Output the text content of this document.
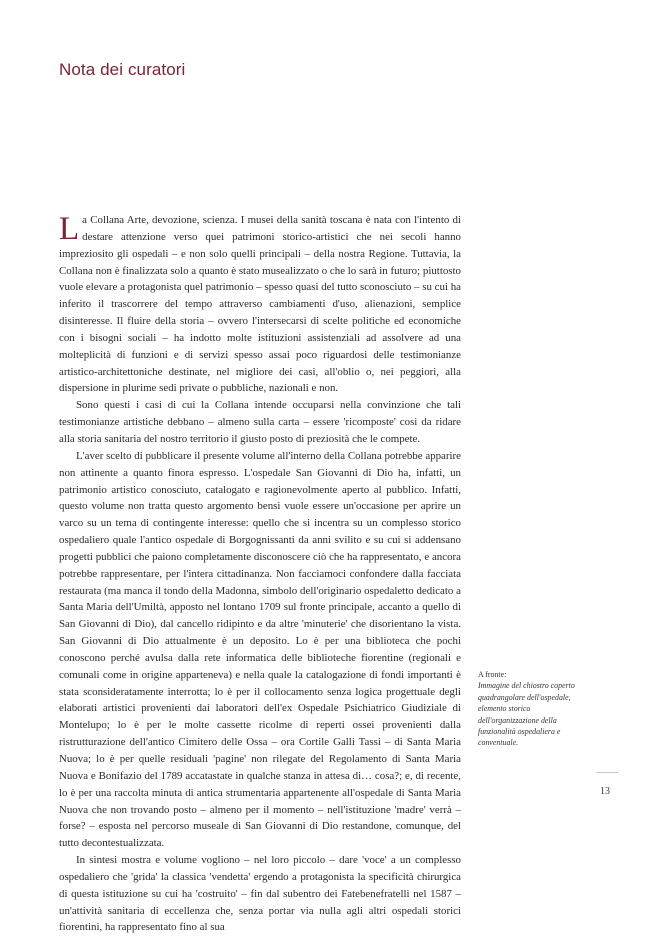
Nota dei curatori

La Collana Arte, devozione, scienza. I musei della sanità toscana è nata con l'intento di destare attenzione verso quei patrimoni storico-artistici che nei secoli hanno impreziosito gli ospedali – e non solo quelli principali – della nostra Regione. Tuttavia, la Collana non è finalizzata solo a quanto è stato musealizzato o che lo sarà in futuro; piuttosto vuole elevare a protagonista quel patrimonio – spesso quasi del tutto sconosciuto – su cui ha inferito il trascorrere del tempo attraverso cambiamenti d'uso, alienazioni, semplice disinteresse. Il fluire della storia – ovvero l'intersecarsi di scelte politiche ed economiche con i bisogni sociali – ha indotto molte istituzioni assistenziali ad assolvere ad una molteplicità di funzioni e di servizi spesso assai poco riguardosi delle testimonianze artistico-architettoniche destinate, nel migliore dei casi, all'oblio o, nei peggiori, alla dispersione in plurime sedi private o pubbliche, nazionali e non.

Sono questi i casi di cui la Collana intende occuparsi nella convinzione che tali testimonianze artistiche debbano – almeno sulla carta – essere 'ricomposte' così da ridare alla storia sanitaria del nostro territorio il giusto posto di preziosità che le compete.

L'aver scelto di pubblicare il presente volume all'interno della Collana potrebbe apparire non attinente a quanto finora espresso. L'ospedale San Giovanni di Dio ha, infatti, un patrimonio artistico conosciuto, catalogato e ragionevolmente aperto al pubblico. Infatti, questo volume non tratta questo argomento bensì vuole essere un'occasione per aprire un varco su un tema di contingente interesse: quello che si incentra su un complesso storico ospedaliero quale l'antico ospedale di Borgognissanti da anni svilito e su cui si addensano progetti pubblici che paiono completamente disconoscere ciò che ha rappresentato, e ancora potrebbe rappresentare, per l'intera cittadinanza. Non facciamoci confondere dalla facciata restaurata (ma manca il tondo della Madonna, simbolo dell'originario ospedaletto dedicato a Santa Maria dell'Umiltà, apposto nel lontano 1709 sul fronte principale, accanto a quello di San Giovanni di Dio), dal cancello ridipinto e da altre 'minuterie' che disorientano la vista. San Giovanni di Dio attualmente è un deposito. Lo è per una biblioteca che pochi conoscono perché avulsa dalla rete informatica delle biblioteche fiorentine (regionali e comunali come in origine apparteneva) e nella quale la catalogazione di fondi importanti è stata sconsideratamente interrotta; lo è per il collocamento senza logica progettuale degli elaborati artistici provenienti dai laboratori dell'ex Ospedale Psichiatrico Giudiziale di Montelupo; lo è per le molte cassette ricolme di reperti ossei provenienti dalla ristrutturazione dell'antico Cimitero delle Ossa – ora Cortile Galli Tassi – di Santa Maria Nuova; lo è per quelle residuali 'pagine' non rilegate del Regolamento di Santa Maria Nuova e Bonifazio del 1789 accatastate in qualche stanza in attesa di… cosa?; e, di recente, lo è per una raccolta minuta di antica strumentaria appartenente all'ospedale di Santa Maria Nuova che non trovando posto – almeno per il momento – nell'istituzione 'madre' verrà – forse? – esposta nel percorso museale di San Giovanni di Dio restandone, comunque, del tutto decontestualizzata.

In sintesi mostra e volume vogliono – nel loro piccolo – dare 'voce' a un complesso ospedaliero che 'grida' la classica 'vendetta' ergendo a protagonista la specificità chirurgica di questa istituzione su cui ha 'costruito' – fin dal subentro dei Fatebenefratelli nel 1587 – un'attività sanitaria di eccellenza che, senza portar via nulla agli altri ospedali storici fiorentini, ha rappresentato fino al sua

A fronte:
Immagine del chiostro coperto quadrangolare dell'ospedale, elemento storico dell'organizzazione della funzionalità ospedaliera e conventuale.
13
